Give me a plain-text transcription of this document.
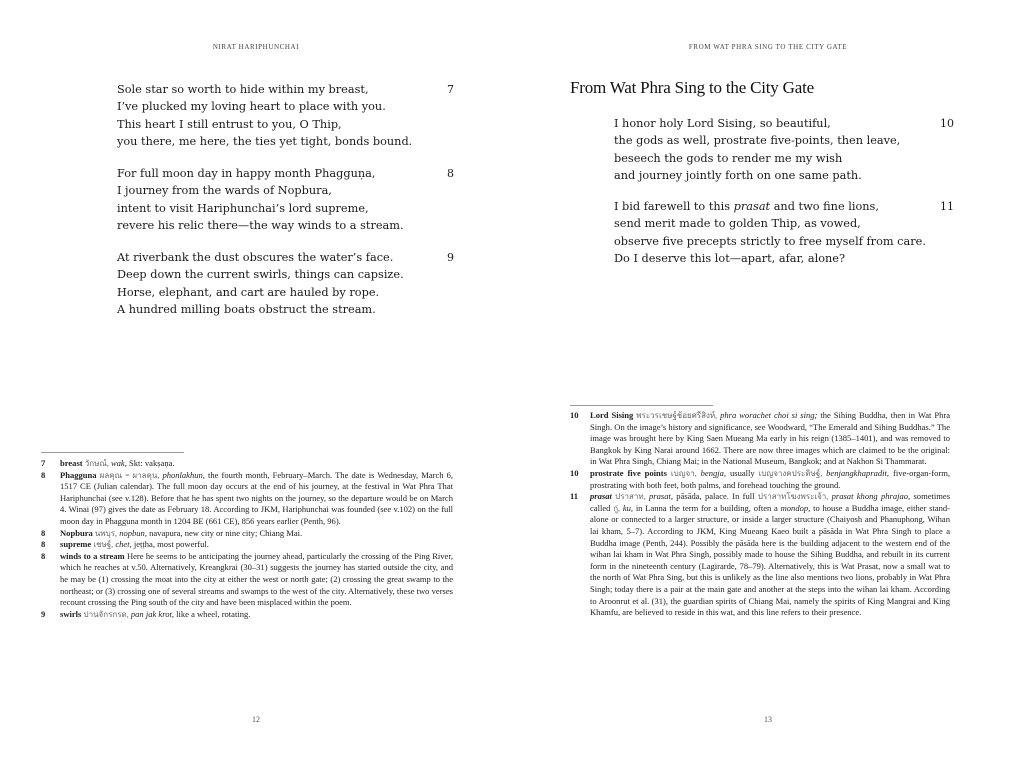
NIRAT HARIPHUNCHAI
Sole star so worth to hide within my breast,
I’ve plucked my loving heart to place with you.
This heart I still entrust to you, O Thip,
you there, me here, the ties yet tight, bonds bound.
7
For full moon day in happy month Phagguṇa,
I journey from the wards of Nopbura,
intent to visit Hariphunchai’s lord supreme,
revere his relic there—the way winds to a stream.
8
At riverbank the dust obscures the water’s face.
Deep down the current swirls, things can capsize.
Horse, elephant, and cart are hauled by rope.
A hundred milling boats obstruct the stream.
9
7 breast วักษณ์, wak, Skt: vakṣaṇa.
8 Phagguna ผลคุณ = ผาลคุน, phonlakhun, the fourth month, February–March. The date is Wednesday, March 6, 1517 CE (Julian calendar). The full moon day occurs at the end of his journey, at the festival in Wat Phra That Hariphunchai (see v.128). Before that he has spent two nights on the journey, so the departure would be on March 4. Winai (97) gives the date as February 18. According to JKM, Hariphunchai was founded (see v.102) on the full moon day in Phagguna month in 1204 BE (661 CE), 856 years earlier (Penth, 96).
8 Nopbura นพบุร, nopbun, navapura, new city or nine city; Chiang Mai.
8 supreme เชษฐ์, chet, jeṭṭha, most powerful.
8 winds to a stream Here he seems to be anticipating the journey ahead, particularly the crossing of the Ping River, which he reaches at v.50. Alternatively, Kreangkrai (30–31) suggests the journey has started outside the city, and he may be (1) crossing the moat into the city at either the west or north gate; (2) crossing the great swamp to the northeast; or (3) crossing one of several streams and swamps to the west of the city. Alternatively, these two verses recount crossing the Ping south of the city and have been misplaced within the poem.
9 swirls ปานจักรกรด, pan jak krot, like a wheel, rotating.
12
FROM WAT PHRA SING TO THE CITY GATE
From Wat Phra Sing to the City Gate
I honor holy Lord Sising, so beautiful,
the gods as well, prostrate five-points, then leave,
beseech the gods to render me my wish
and journey jointly forth on one same path.
10
I bid farewell to this prasat and two fine lions,
send merit made to golden Thip, as vowed,
observe five precepts strictly to free myself from care.
Do I deserve this lot—apart, afar, alone?
11
10 Lord Sising พระวรเชษฐ์ช้อยศรีสิงห์, phra worachet choi si sing; the Sihing Buddha, then in Wat Phra Singh. On the image’s history and significance, see Woodward, “The Emerald and Sihing Buddhas.” The image was brought here by King Saen Mueang Ma early in his reign (1385–1401), and was removed to Bangkok by King Narai around 1662. There are now three images which are claimed to be the original: in Wat Phra Singh, Chiang Mai; in the National Museum, Bangkok; and at Nakhon Si Thammarat.
10 prostrate five points เบญจา, bengja, usually เบญจางคประดิษฐ์, benjangkhapradit, five-organ-form, prostrating with both feet, both palms, and forehead touching the ground.
11 prasat ปราสาท, prasat, pāsāda, palace. In full ปราสาทโฆงพระเจ้า, prasat khong phrajao, sometimes called กู่, ku, in Lanna the term for a building, often a mondop, to house a Buddha image, either stand-alone or connected to a larger structure, or inside a larger structure (Chaiyosh and Phanuphong, Wihan lai kham, 5–7). According to JKM, King Mueang Kaeo built a pāsāda in Wat Phra Singh to place a Buddha image (Penth, 244). Possibly the pāsāda here is the building adjacent to the western end of the wihan lai kham in Wat Phra Singh, possibly made to house the Sihing Buddha, and rebuilt in its current form in the nineteenth century (Lagirarde, 78–79). Alternatively, this is Wat Prasat, now a small wat to the north of Wat Phra Sing, but this is unlikely as the line also mentions two lions, probably in Wat Phra Singh; today there is a pair at the main gate and another at the steps into the wihan lai kham. According to Aroonrut et al. (31), the guardian spirits of Chiang Mai, namely the spirits of King Mangrai and King Khamfu, are believed to reside in this wat, and this line refers to their presence.
13
